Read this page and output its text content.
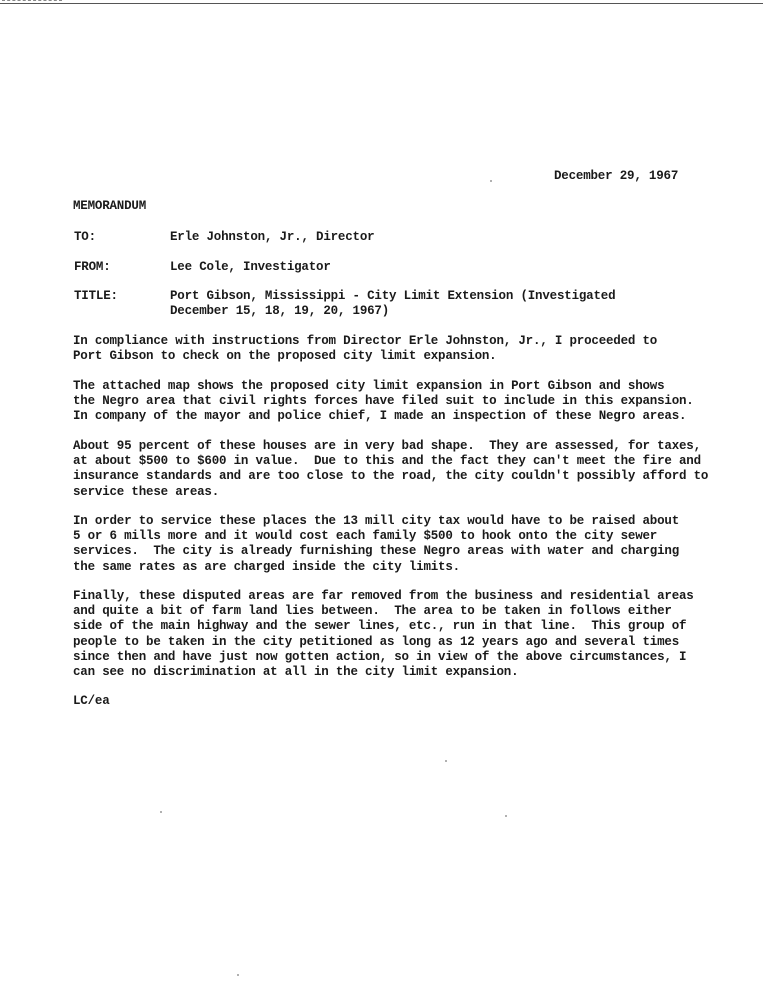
December 29, 1967
MEMORANDUM
TO:	Erle Johnston, Jr., Director
FROM:	Lee Cole, Investigator
TITLE:	Port Gibson, Mississippi - City Limit Extension (Investigated
December 15, 18, 19, 20, 1967)
In compliance with instructions from Director Erle Johnston, Jr., I proceeded to
Port Gibson to check on the proposed city limit expansion.
The attached map shows the proposed city limit expansion in Port Gibson and shows
the Negro area that civil rights forces have filed suit to include in this expansion.
In company of the mayor and police chief, I made an inspection of these Negro areas.
About 95 percent of these houses are in very bad shape.  They are assessed, for taxes,
at about $500 to $600 in value.  Due to this and the fact they can't meet the fire and
insurance standards and are too close to the road, the city couldn't possibly afford to
service these areas.
In order to service these places the 13 mill city tax would have to be raised about
5 or 6 mills more and it would cost each family $500 to hook onto the city sewer
services.  The city is already furnishing these Negro areas with water and charging
the same rates as are charged inside the city limits.
Finally, these disputed areas are far removed from the business and residential areas
and quite a bit of farm land lies between.  The area to be taken in follows either
side of the main highway and the sewer lines, etc., run in that line.  This group of
people to be taken in the city petitioned as long as 12 years ago and several times
since then and have just now gotten action, so in view of the above circumstances, I
can see no discrimination at all in the city limit expansion.
LC/ea
